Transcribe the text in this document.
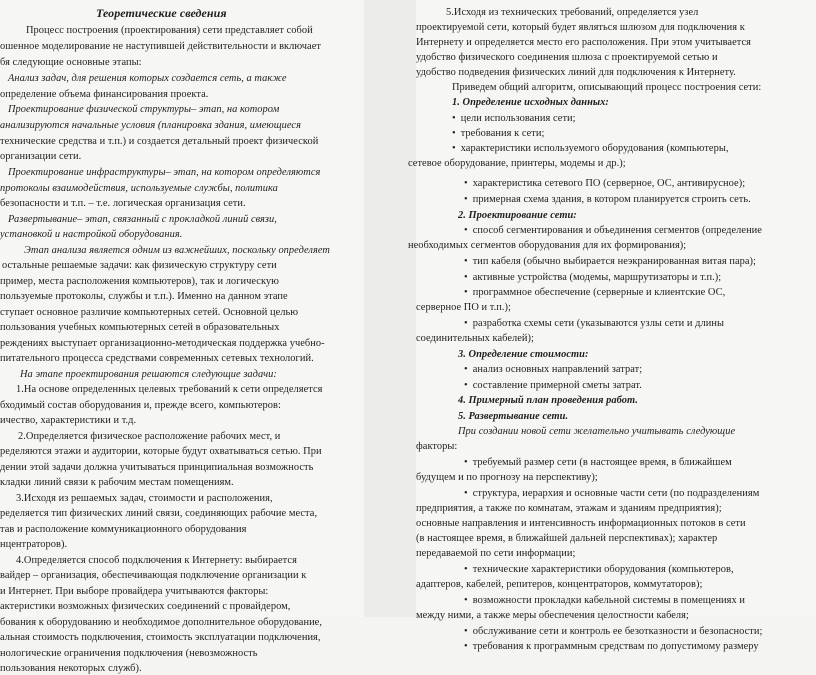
Теоретические сведения
Процесс построения (проектирования) сети представляет собой
ошенное моделирование не наступившей действительности и включает
бя следующие основные этапы:
Анализ задач, для решения которых создается сеть, а также
определение объема финансирования проекта.
Проектирование физической структуры– этап, на котором
анализируются начальные условия (планировка здания, имеющиеся
технические средства и т.п.) и создается детальный проект физической
организации сети.
Проектирование инфраструктуры– этап, на котором определяются
протоколы взаимодействия, используемые службы, политика
безопасности и т.п. – т.е. логическая организация сети.
Развертывание– этап, связанный с прокладкой линий связи,
установкой и настройкой оборудования.
Этап анализа является одним из важнейших, поскольку определяет
остальные решаемые задачи: как физическую структуру сети
пример, места расположения компьютеров), так и логическую
пользуемые протоколы, службы и т.п.). Именно на данном этапе
ступает основное различие компьютерных сетей. Основной целью
пользования учебных компьютерных сетей в образовательных
реждениях выступает организационно-методическая поддержка учебно-
питательного процесса средствами современных сетевых технологий.
На этапе проектирования решаются следующие задачи:
1.На основе определенных целевых требований к сети определяется
бходимый состав оборудования и, прежде всего, компьютеров:
ичество, характеристики и т.д.
2.Определяется физическое расположение рабочих мест, и
ределяются этажи и аудитории, которые будут охватываться сетью. При
дении этой задачи должна учитываться принципиальная возможность
кладки линий связи к рабочим местам помещениям.
3.Исходя из решаемых задач, стоимости и расположения,
ределяется тип физических линий связи, соединяющих рабочие места,
тав и расположение коммуникационного оборудования
нцентраторов).
4.Определяется способ подключения к Интернету: выбирается
вайдер – организация, обеспечивающая подключение организации к
и Интернет. При выборе провайдера учитываются факторы:
актеристики возможных физических соединений с провайдером,
бования к оборудованию и необходимое дополнительное оборудование,
альная стоимость подключения, стоимость эксплуатации подключения,
нологические ограничения подключения (невозможность
пользования некоторых служб).
5.Исходя из технических требований, определяется узел
проектируемой сети, который будет являться шлюзом для подключения к
Интернету и определяется место его расположения. При этом учитывается
удобство физического соединения шлюза с проектируемой сетью и
удобство подведения физических линий для подключения к Интернету.
Приведем общий алгоритм, описывающий процесс построения сети:
1. Определение исходных данных:
• цели использования сети;
• требования к сети;
• характеристики используемого оборудования (компьютеры,
сетевое оборудование, принтеры, модемы и др.);
• характеристика сетевого ПО (серверное, ОС, антивирусное);
• примерная схема здания, в котором планируется строить сеть.
2. Проектирование сети:
• способ сегментирования и объединения сегментов (определение
необходимых сегментов оборудования для их формирования);
• тип кабеля (обычно выбирается неэкранированная витая пара);
• активные устройства (модемы, маршрутизаторы и т.п.);
• программное обеспечение (серверные и клиентские ОС,
серверное ПО и т.п.);
• разработка схемы сети (указываются узлы сети и длины
соединительных кабелей);
3. Определение стоимости:
• анализ основных направлений затрат;
• составление примерной сметы затрат.
4. Примерный план проведения работ.
5. Развертывание сети.
При создании новой сети желательно учитывать следующие
факторы:
• требуемый размер сети (в настоящее время, в ближайшем
будущем и по прогнозу на перспективу);
• структура, иерархия и основные части сети (по подразделениям
предприятия, а также по комнатам, этажам и зданиям предприятия);
основные направления и интенсивность информационных потоков в сети
(в настоящее время, в ближайшей дальней перспективах); характер
передаваемой по сети информации;
• технические характеристики оборудования (компьютеров,
адаптеров, кабелей, репитеров, концентраторов, коммутаторов);
• возможности прокладки кабельной системы в помещениях и
между ними, а также меры обеспечения целостности кабеля;
• обслуживание сети и контроль ее безотказности и безопасности;
• требования к программным средствам по допустимому размеру
